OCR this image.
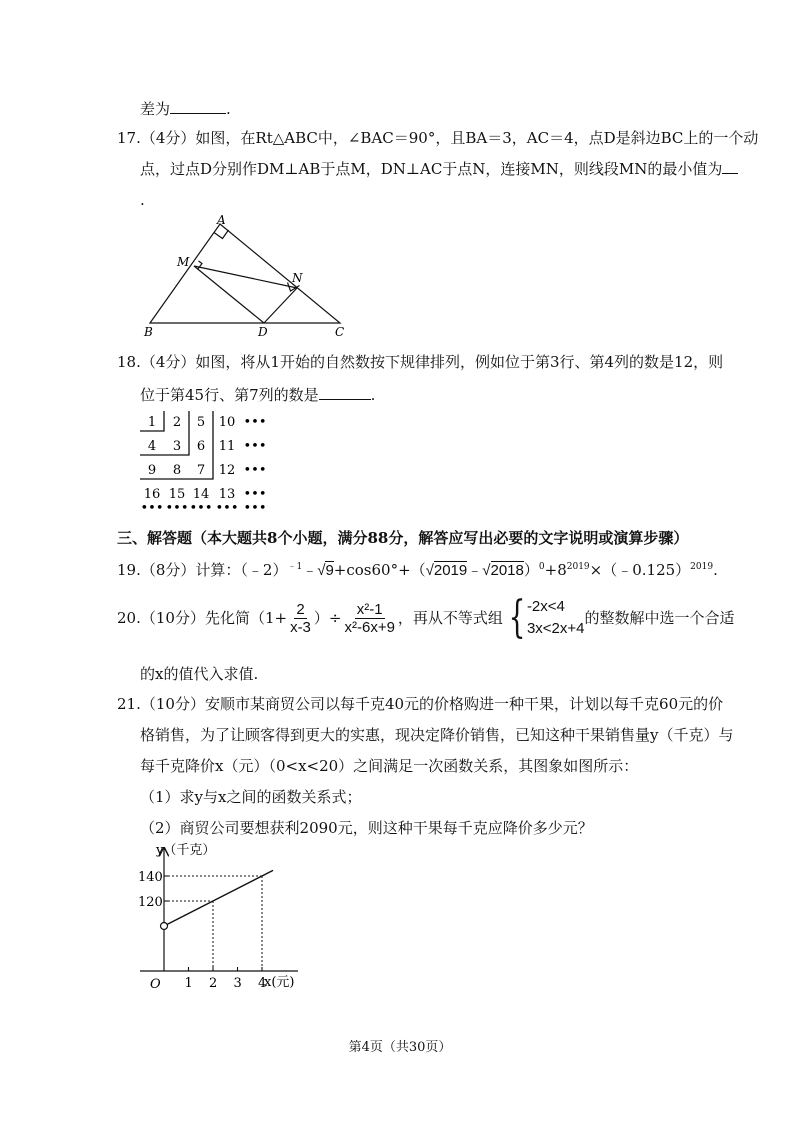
差为	.
17.（4分）如图，在Rt△ABC中，∠BAC＝90°，且BA＝3，AC＝4，点D是斜边BC上的一个动
点，过点D分别作DM⊥AB于点M，DN⊥AC于点N，连接MN，则线段MN的最小值为
.
A
M
N
B	D	C
18.（4分）如图，将从1开始的自然数按下规律排列，例如位于第3行、第4列的数是12，则
位于第45行、第7列的数是	.
1 2 5 10 •••
4 3 6 11 •••
9 8 7 12 •••
16 15 14 13 •••
••• ••• ••• ••• •••
三、解答题（本大题共8个小题，满分88分，解答应写出必要的文字说明或演算步骤）
19.（8分）计算：$(﹣2)^{﹣1}﹣√9+\cos 60^\circ+(√2019﹣√2018)^0+8^{2019}\times(﹣0.125)^{2019}$.
20.（10分）先化简（$1+ \frac{2}{x-3}$ ）÷ $\frac{\text{x²-1}}{\text{x²-6x+9}}$ ，再从不等式组 { -2x<4
3x<2x+4
的整数解中选一个合适
的x的值代入求值.
21.（10分）安顺市某商贸公司以每千克40元的价格购进一种干果，计划以每千克60元的价
格销售，为了让顾客得到更大的实惠，现决定降价销售，已知这种干果销售量y（千克）与
每千克降价x（元）（0<x<20）之间满足一次函数关系，其图象如图所示：
（1）求y与x之间的函数关系式；
（2）商贸公司要想获利2090元，则这种干果每千克应降价多少元？
1 2 3 4
140
120
y（千克）
x(元)
O
第4页（共30页）
